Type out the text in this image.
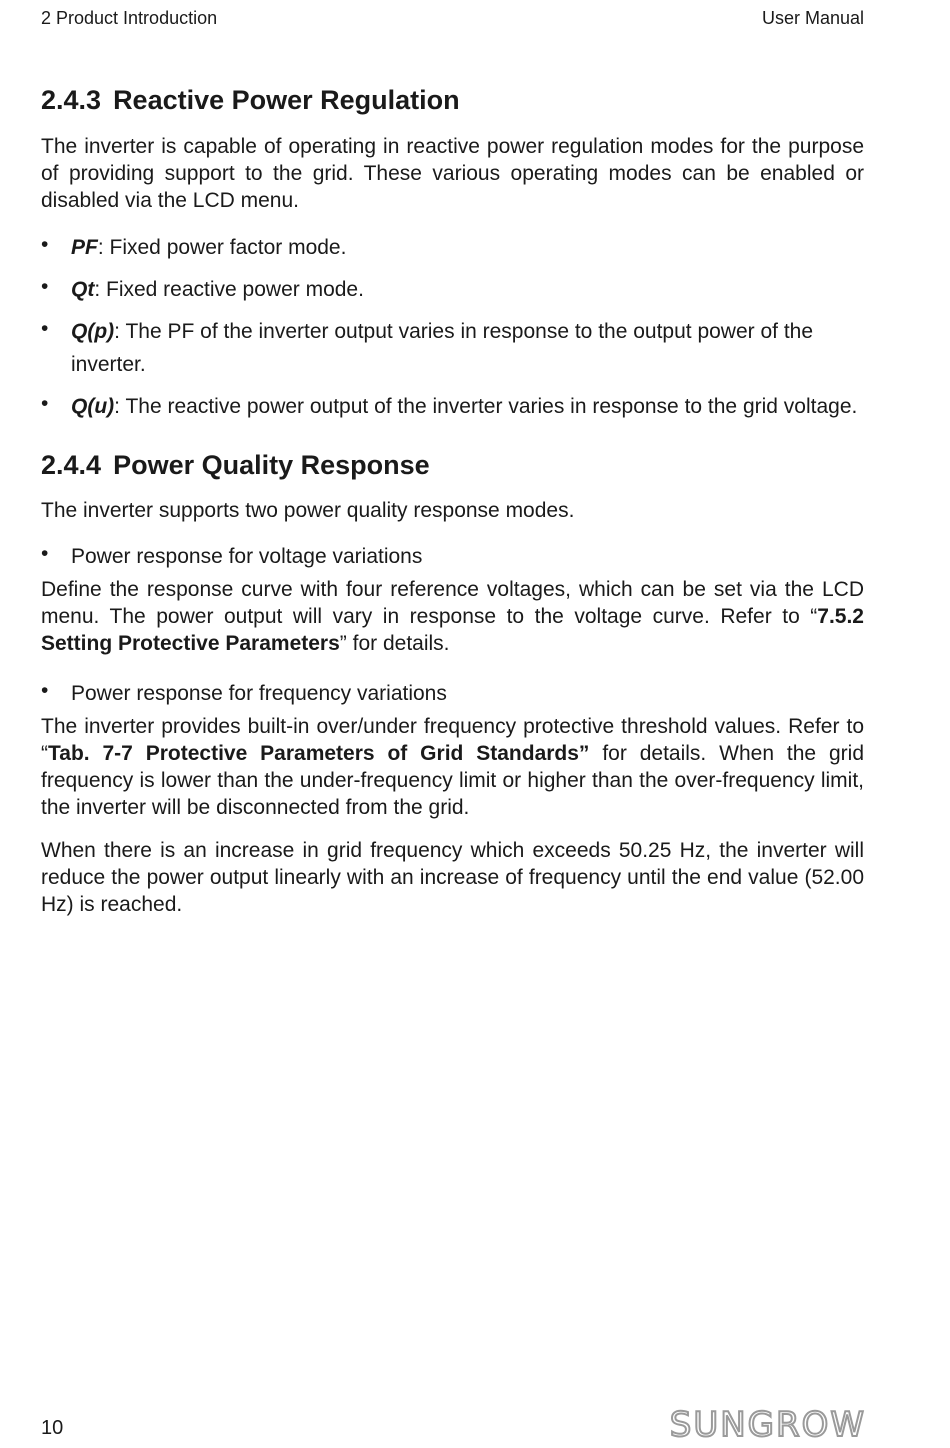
2 Product Introduction	User Manual
2.4.3 Reactive Power Regulation

The inverter is capable of operating in reactive power regulation modes for the purpose of providing support to the grid. These various operating modes can be enabled or disabled via the LCD menu.

• PF: Fixed power factor mode.
• Qt: Fixed reactive power mode.
• Q(p): The PF of the inverter output varies in response to the output power of the inverter.
• Q(u): The reactive power output of the inverter varies in response to the grid voltage.
2.4.4 Power Quality Response

The inverter supports two power quality response modes.

• Power response for voltage variations

Define the response curve with four reference voltages, which can be set via the LCD menu. The power output will vary in response to the voltage curve. Refer to “7.5.2 Setting Protective Parameters” for details.

• Power response for frequency variations

The inverter provides built-in over/under frequency protective threshold values. Refer to “Tab. 7-7 Protective Parameters of Grid Standards” for details. When the grid frequency is lower than the under-frequency limit or higher than the over-frequency limit, the inverter will be disconnected from the grid.

When there is an increase in grid frequency which exceeds 50.25 Hz, the inverter will reduce the power output linearly with an increase of frequency until the end value (52.00 Hz) is reached.

10	SUNGROW
